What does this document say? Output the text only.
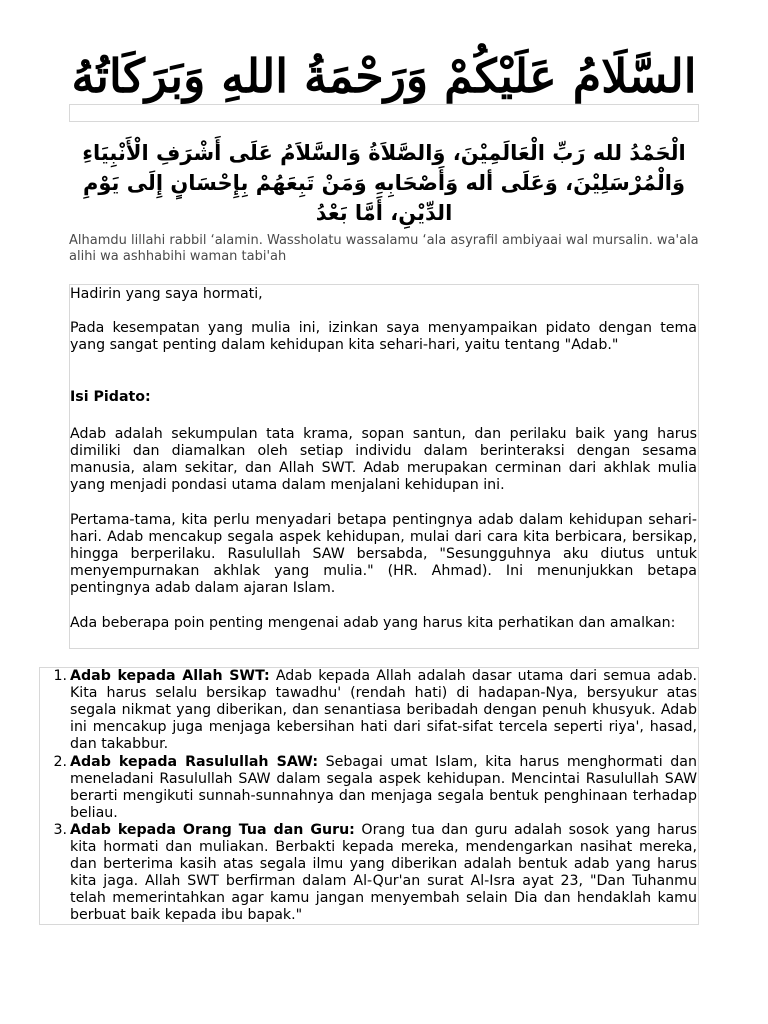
السَّلَامُ عَلَيْكُمْ وَرَحْمَةُ اللهِ وَبَرَكَاتُهُ
الْحَمْدُ لله رَبِّ الْعَالَمِيْنَ، وَالصَّلاَةُ وَالسَّلاَمُ عَلَى أَشْرَفِ الْأَنْبِيَاءِ وَالْمُرْسَلِيْنَ، وَعَلَى أله وَأَصْحَابِهِ وَمَنْ تَبِعَهُمْ بِإِحْسَانٍ إِلَى يَوْمِ الدِّيْنِ، أَمَّا بَعْدُ
Alhamdu lillahi rabbil ‘alamin. Wassholatu wassalamu ‘ala asyrafil ambiyaai wal mursalin. wa'ala alihi wa ashhabihi waman tabi'ah

Hadirin yang saya hormati,

Pada kesempatan yang mulia ini, izinkan saya menyampaikan pidato dengan tema yang sangat penting dalam kehidupan kita sehari-hari, yaitu tentang "Adab."

Isi Pidato:

Adab adalah sekumpulan tata krama, sopan santun, dan perilaku baik yang harus dimiliki dan diamalkan oleh setiap individu dalam berinteraksi dengan sesama manusia, alam sekitar, dan Allah SWT. Adab merupakan cerminan dari akhlak mulia yang menjadi pondasi utama dalam menjalani kehidupan ini.

Pertama-tama, kita perlu menyadari betapa pentingnya adab dalam kehidupan sehari-hari. Adab mencakup segala aspek kehidupan, mulai dari cara kita berbicara, bersikap, hingga berperilaku. Rasulullah SAW bersabda, "Sesungguhnya aku diutus untuk menyempurnakan akhlak yang mulia." (HR. Ahmad). Ini menunjukkan betapa pentingnya adab dalam ajaran Islam.

Ada beberapa poin penting mengenai adab yang harus kita perhatikan dan amalkan:

1. Adab kepada Allah SWT: Adab kepada Allah adalah dasar utama dari semua adab. Kita harus selalu bersikap tawadhu' (rendah hati) di hadapan-Nya, bersyukur atas segala nikmat yang diberikan, dan senantiasa beribadah dengan penuh khusyuk. Adab ini mencakup juga menjaga kebersihan hati dari sifat-sifat tercela seperti riya', hasad, dan takabbur.
2. Adab kepada Rasulullah SAW: Sebagai umat Islam, kita harus menghormati dan meneladani Rasulullah SAW dalam segala aspek kehidupan. Mencintai Rasulullah SAW berarti mengikuti sunnah-sunnahnya dan menjaga segala bentuk penghinaan terhadap beliau.
3. Adab kepada Orang Tua dan Guru: Orang tua dan guru adalah sosok yang harus kita hormati dan muliakan. Berbakti kepada mereka, mendengarkan nasihat mereka, dan berterima kasih atas segala ilmu yang diberikan adalah bentuk adab yang harus kita jaga. Allah SWT berfirman dalam Al-Qur'an surat Al-Isra ayat 23, "Dan Tuhanmu telah memerintahkan agar kamu jangan menyembah selain Dia dan hendaklah kamu berbuat baik kepada ibu bapak."
